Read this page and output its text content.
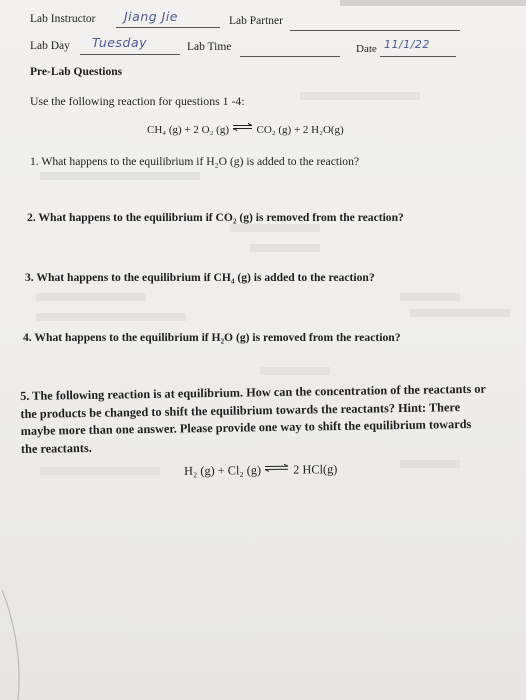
Lab Instructor Jiang Jie	Lab Partner
Lab Day Tuesday	Lab Time	Date 11/1/22
Pre-Lab Questions
Use the following reaction for questions 1 -4:
CH₄ (g) + 2 O₂ (g) ⇌ CO₂ (g) + 2 H₂O(g)
1. What happens to the equilibrium if H₂O (g) is added to the reaction?
2. What happens to the equilibrium if CO₂ (g) is removed from the reaction?
3. What happens to the equilibrium if CH₄ (g) is added to the reaction?
4. What happens to the equilibrium if H₂O (g) is removed from the reaction?
5. The following reaction is at equilibrium. How can the concentration of the reactants or
the products be changed to shift the equilibrium towards the reactants? Hint: There
maybe more than one answer. Please provide one way to shift the equilibrium towards
the reactants.
H₂ (g) + Cl₂ (g) ⇌ 2 HCl(g)
